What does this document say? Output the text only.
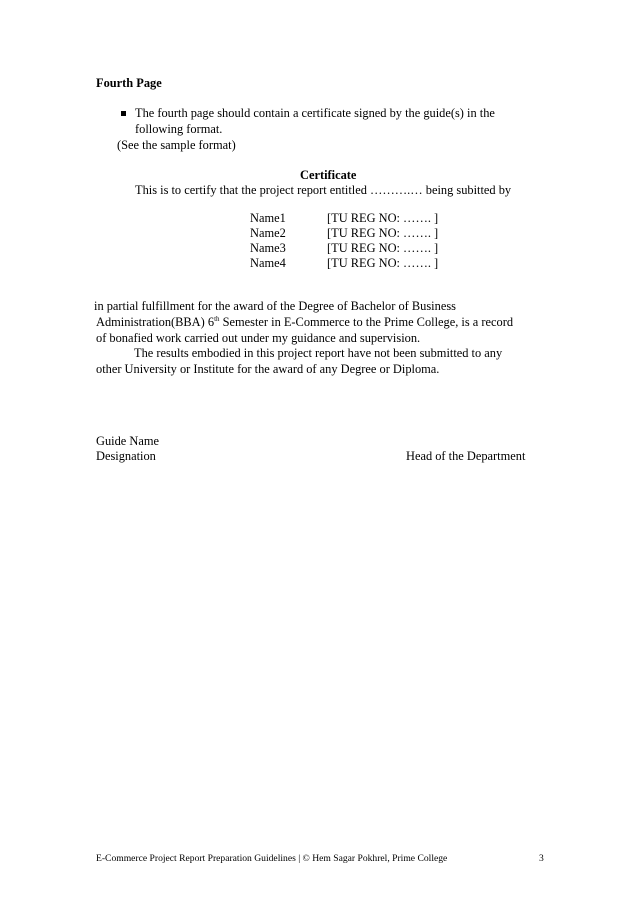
Fourth Page
The fourth page should contain a certificate signed by the guide(s) in the
following format.
(See the sample format)
Certificate
This is to certify that the project report entitled ……….… being subitted by
Name1	[TU REG NO: ……. ]
Name2	[TU REG NO: ……. ]
Name3	[TU REG NO: ……. ]
Name4	[TU REG NO: ……. ]
in partial fulfillment for the award of the Degree of Bachelor of Business
Administration(BBA) 6th Semester in E-Commerce to the Prime College, is a record
of bonafied work carried out under my guidance and supervision.
The results embodied in this project report have not been submitted to any
other University or Institute for the award of any Degree or Diploma.
Guide Name
Designation	Head of the Department
E-Commerce Project Report Preparation Guidelines | © Hem Sagar Pokhrel, Prime College	3
